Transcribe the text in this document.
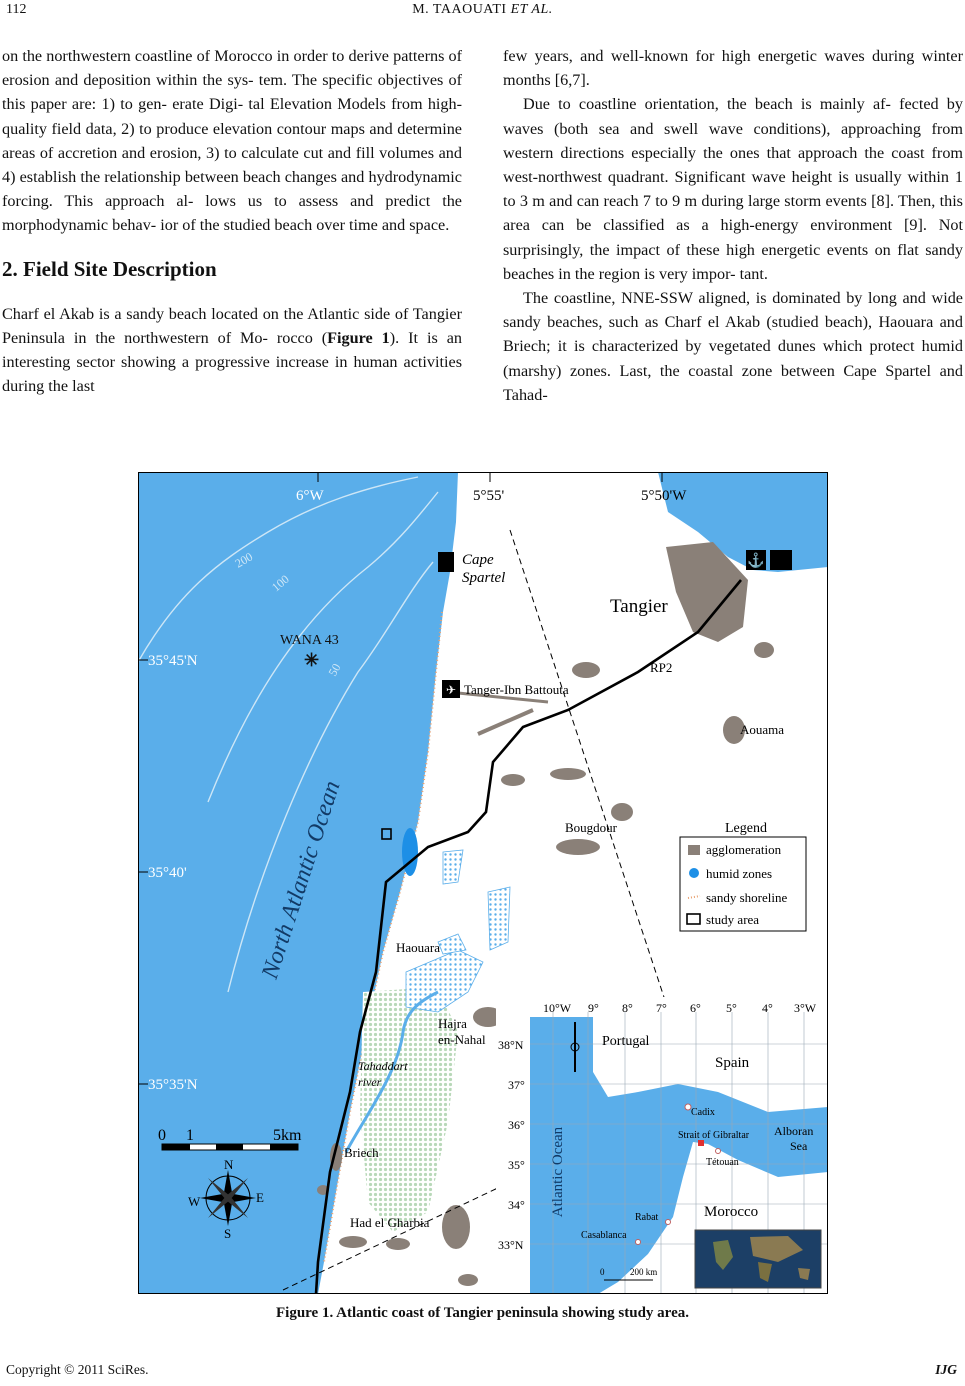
112	M. TAAOUATI ET AL.

on the northwestern coastline of Morocco in order to derive patterns of erosion and deposition within the sys- tem. The specific objectives of this paper are: 1) to gen- erate Digi- tal Elevation Models from high-quality field data, 2) to produce elevation contour maps and determine areas of accretion and erosion, 3) to calculate cut and fill volumes and 4) establish the relationship between beach changes and hydrodynamic forcing. This approach al- lows us to assess and predict the morphodynamic behav- ior of the studied beach over time and space.

2. Field Site Description

Charf el Akab is a sandy beach located on the Atlantic side of Tangier Peninsula in the northwestern of Mo- rocco (Figure 1). It is an interesting sector showing a progressive increase in human activities during the last

few years, and well-known for high energetic waves during winter months [6,7].

Due to coastline orientation, the beach is mainly af- fected by waves (both sea and swell wave conditions), approaching from western directions especially the ones that approach the coast from west-northwest quadrant. Significant wave height is usually within 1 to 3 m and can reach 7 to 9 m during large storm events [8]. Then, this area can be classified as a high-energy environment [9]. Not surprisingly, the impact of these high energetic events on flat sandy beaches in the region is very impor- tant.

The coastline, NNE-SSW aligned, is dominated by long and wide sandy beaches, such as Charf el Akab (studied beach), Haouara and Briech; it is characterized by vegetated dunes which protect humid (marshy) zones. Last, the coastal zone between Cape Spartel and Tahad-

200
100
50
6°W	5°55'	5°50'W
35°45'N
35°40'
35°35'N
North Atlantic Ocean
WANA 43
✳
Cape
Spartel
⚓
Tangier
RP2
✈ Tanger-Ibn Battouta
Aouama
Bougdour
Haouara
Hajra
en-Nahal
Tahaddart
river
Briech
Had el Gharbia
Legend
agglomeration
humid zones
sandy shoreline
study area
0 1	5km
N
S
E
W
10°W 9° 8° 7° 6° 5° 4° 3°W
38°N
37°
36°
35°
34°
33°N
Portugal
Spain
Morocco
Atlantic Ocean	Alboran
Sea
Cadix
Strait of Gibraltar
Tétouan
Rabat
Casablanca
0	200 km
Figure 1. Atlantic coast of Tangier peninsula showing study area.
Copyright © 2011 SciRes.	IJG
